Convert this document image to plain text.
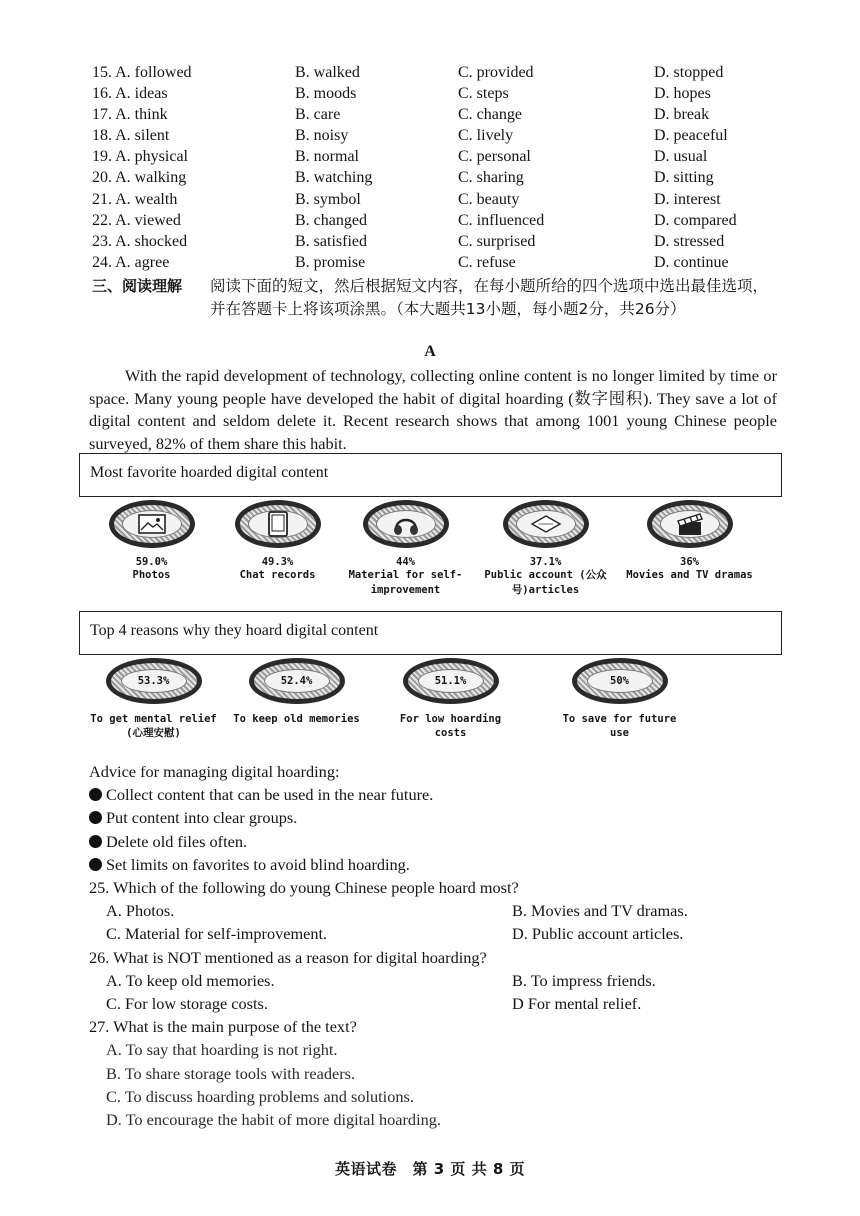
15. A. followed	B. walked	C. provided	D. stopped
16. A. ideas	B. moods	C. steps	D. hopes
17. A. think	B. care	C. change	D. break
18. A. silent	B. noisy	C. lively	D. peaceful
19. A. physical	B. normal	C. personal	D. usual
20. A. walking	B. watching	C. sharing	D. sitting
21. A. wealth	B. symbol	C. beauty	D. interest
22. A. viewed	B. changed	C. influenced	D. compared
23. A. shocked	B. satisfied	C. surprised	D. stressed
24. A. agree	B. promise	C. refuse	D. continue
三、阅读理解 阅读下面的短文，然后根据短文内容，在每小题所给的四个选项中选出最佳选项，并在答题卡上将该项涂黑。（本大题共13小题，每小题2分，共26分）
A
With the rapid development of technology, collecting online content is no longer limited by time or space. Many young people have developed the habit of digital hoarding (数字囤积). They save a lot of digital content and seldom delete it. Recent research shows that among 1001 young Chinese people surveyed, 82% of them share this habit.
Most favorite hoarded digital content
59.0%
Photos
49.3%
Chat records
44%
Material for self-improvement
37.1%
Public account (公众号)articles
36%
Movies and TV dramas
Top 4 reasons why they hoard digital content
53.3%
To get mental relief (心理安慰)
52.4%
To keep old memories
51.1%
For low hoarding costs
50%
To save for future use
Advice for managing digital hoarding:
Collect content that can be used in the near future.
Put content into clear groups.
Delete old files often.
Set limits on favorites to avoid blind hoarding.
25. Which of the following do young Chinese people hoard most?
A. Photos.	B. Movies and TV dramas.
C. Material for self-improvement.	D. Public account articles.
26. What is NOT mentioned as a reason for digital hoarding?
A. To keep old memories.	B. To impress friends.
C. For low storage costs.	D For mental relief.
27. What is the main purpose of the text?
A. To say that hoarding is not right.
B. To share storage tools with readers.
C. To discuss hoarding problems and solutions.
D. To encourage the habit of more digital hoarding.
英语试卷　第 3 页 共 8 页
